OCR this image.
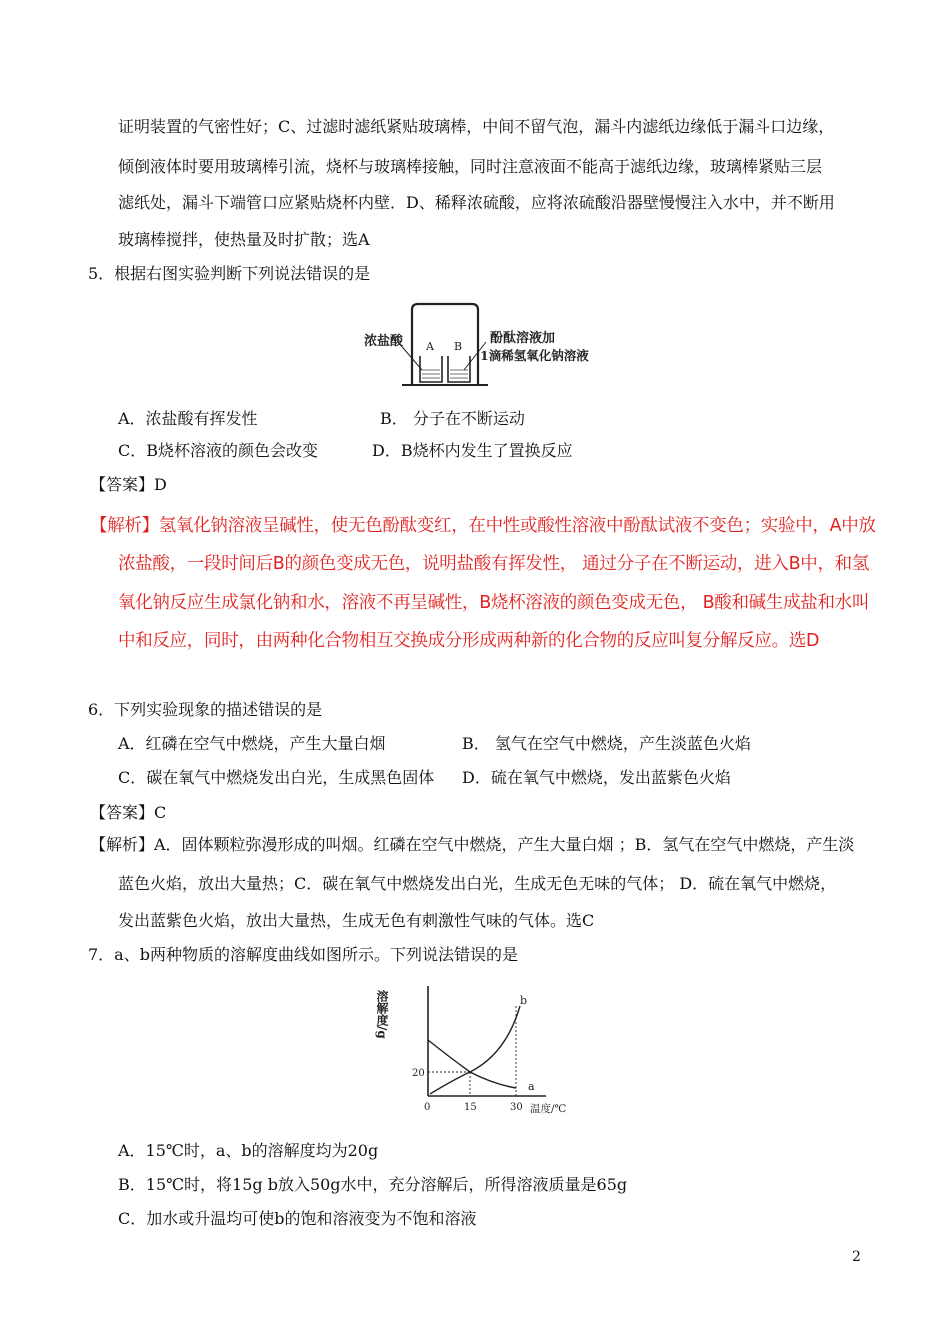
证明装置的气密性好；C、过滤时滤纸紧贴玻璃棒，中间不留气泡，漏斗内滤纸边缘低于漏斗口边缘，
倾倒液体时要用玻璃棒引流，烧杯与玻璃棒接触，同时注意液面不能高于滤纸边缘，玻璃棒紧贴三层
滤纸处，漏斗下端管口应紧贴烧杯内壁．D、稀释浓硫酸，应将浓硫酸沿器壁慢慢注入水中，并不断用
玻璃棒搅拌，使热量及时扩散；选A
5．根据右图实验判断下列说法错误的是
浓盐酸 A B
酚酞溶液加
1滴稀氢氧化钠溶液
A．浓盐酸有挥发性	B． 分子在不断运动
C．B烧杯溶液的颜色会改变	D．B烧杯内发生了置换反应
【答案】D
【解析】氢氧化钠溶液呈碱性，使无色酚酞变红，在中性或酸性溶液中酚酞试液不变色；实验中，A中放
浓盐酸，一段时间后B的颜色变成无色，说明盐酸有挥发性， 通过分子在不断运动，进入B中，和氢
氧化钠反应生成氯化钠和水，溶液不再呈碱性，B烧杯溶液的颜色变成无色， B酸和碱生成盐和水叫
中和反应，同时，由两种化合物相互交换成分形成两种新的化合物的反应叫复分解反应。选D
6．下列实验现象的描述错误的是
A．红磷在空气中燃烧，产生大量白烟	B． 氢气在空气中燃烧，产生淡蓝色火焰
C．碳在氧气中燃烧发出白光，生成黑色固体 D．硫在氧气中燃烧，发出蓝紫色火焰
【答案】C
【解析】A．固体颗粒弥漫形成的叫烟。红磷在空气中燃烧，产生大量白烟 ；B．氢气在空气中燃烧，产生淡
蓝色火焰，放出大量热；C．碳在氧气中燃烧发出白光，生成无色无味的气体； D．硫在氧气中燃烧，
发出蓝紫色火焰，放出大量热，生成无色有刺激性气味的气体。选C
7．a、b两种物质的溶解度曲线如图所示。下列说法错误的是
溶解度/g	b
a
20
0	15	30 温度/℃
A．15℃时，a、b的溶解度均为20g
B．15℃时，将15g b放入50g水中，充分溶解后，所得溶液质量是65g
C．加水或升温均可使b的饱和溶液变为不饱和溶液
2
